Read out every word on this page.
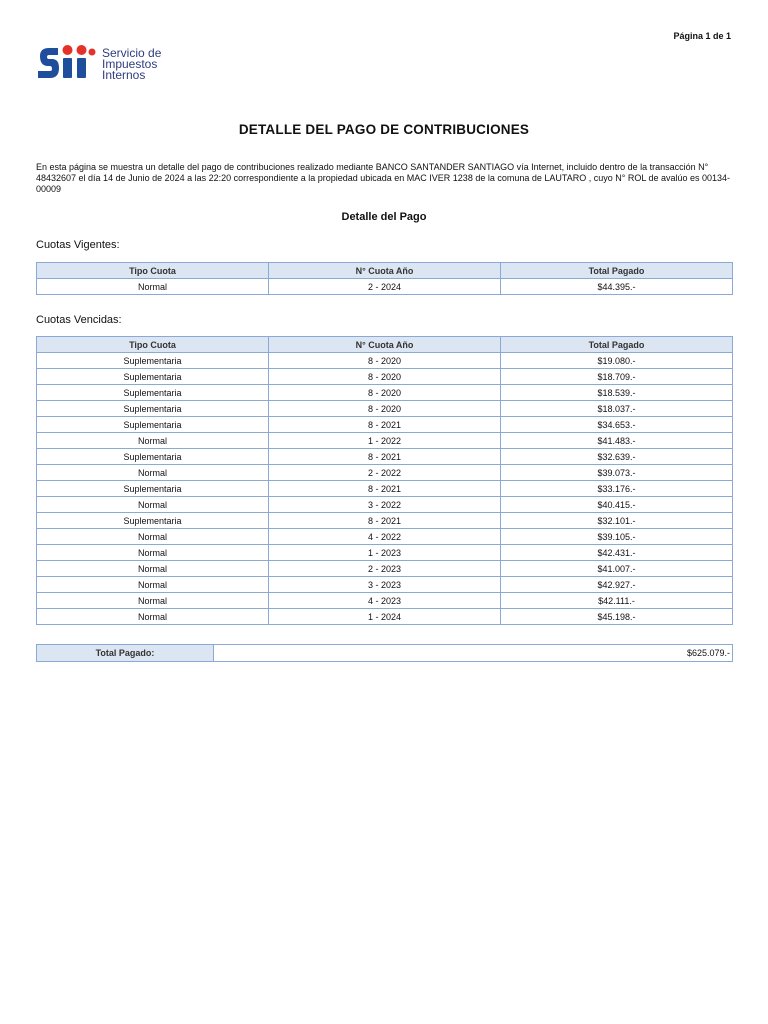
Página 1 de 1
Servicio de
Impuestos
Internos
DETALLE DEL PAGO DE CONTRIBUCIONES

En esta página se muestra un detalle del pago de contribuciones realizado mediante BANCO SANTANDER SANTIAGO vía Internet, incluido dentro de la transacción N° 48432607 el día 14 de Junio de 2024 a las 22:20 correspondiente a la propiedad ubicada en MAC IVER 1238 de la comuna de LAUTARO , cuyo N° ROL de avalúo es 00134-00009

Detalle del Pago

Cuotas Vigentes:

Tipo Cuota	N° Cuota Año	Total Pagado
Normal	2 - 2024	$44.395.-

Cuotas Vencidas:

Tipo Cuota	N° Cuota Año	Total Pagado
Suplementaria	8 - 2020	$19.080.-
Suplementaria	8 - 2020	$18.709.-
Suplementaria	8 - 2020	$18.539.-
Suplementaria	8 - 2020	$18.037.-
Suplementaria	8 - 2021	$34.653.-
Normal	1 - 2022	$41.483.-
Suplementaria	8 - 2021	$32.639.-
Normal	2 - 2022	$39.073.-
Suplementaria	8 - 2021	$33.176.-
Normal	3 - 2022	$40.415.-
Suplementaria	8 - 2021	$32.101.-
Normal	4 - 2022	$39.105.-
Normal	1 - 2023	$42.431.-
Normal	2 - 2023	$41.007.-
Normal	3 - 2023	$42.927.-
Normal	4 - 2023	$42.111.-
Normal	1 - 2024	$45.198.-
Total Pagado:	$625.079.-
